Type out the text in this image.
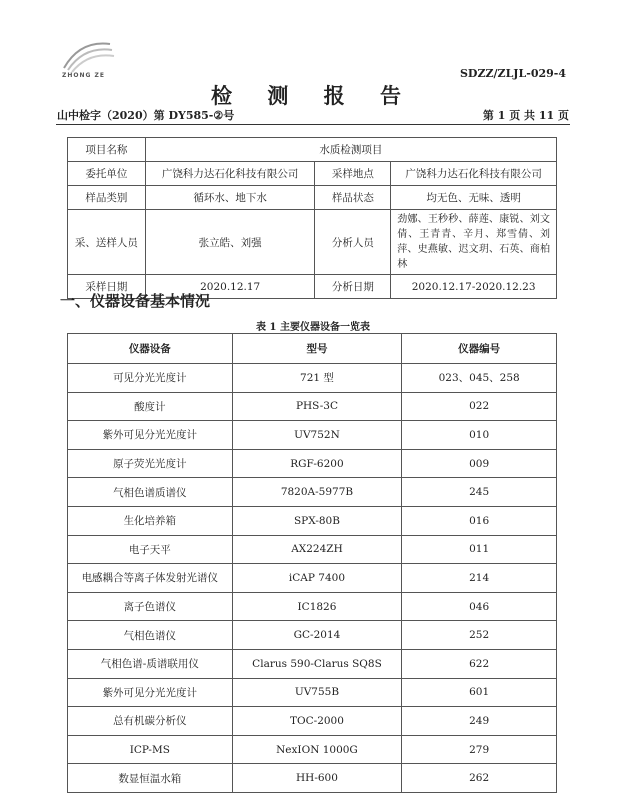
ZHONG ZE	SDZZ/ZLJL-029-4
检 测 报 告
山中检字（2020）第 DY585-②号	第 1 页 共 11 页
项目名称	水质检测项目		
委托单位	广饶科力达石化科技有限公司	采样地点	广饶科力达石化科技有限公司
样品类别	循环水、地下水	样品状态	均无色、无味、透明
采、送样人员	张立皓、刘强	分析人员	劲娜、王秒秒、薛莲、康锐、刘文倩、王青青、辛月、郑雪倩、刘萍、史燕敏、迟文玥、石英、商柏林
采样日期	2020.12.17	分析日期	2020.12.17-2020.12.23
一、仪器设备基本情况
表 1 主要仪器设备一览表
仪器设备	型号	仪器编号
可见分光光度计	721 型	023、045、258
酸度计	PHS-3C	022
紫外可见分光光度计	UV752N	010
原子荧光光度计	RGF-6200	009
气相色谱质谱仪	7820A-5977B	245
生化培养箱	SPX-80B	016
电子天平	AX224ZH	011
电感耦合等离子体发射光谱仪	iCAP 7400	214
离子色谱仪	IC1826	046
气相色谱仪	GC-2014	252
气相色谱-质谱联用仪	Clarus 590-Clarus SQ8S	622
紫外可见分光光度计	UV755B	601
总有机碳分析仪	TOC-2000	249
ICP-MS	NexION 1000G	279
数显恒温水箱	HH-600	262
